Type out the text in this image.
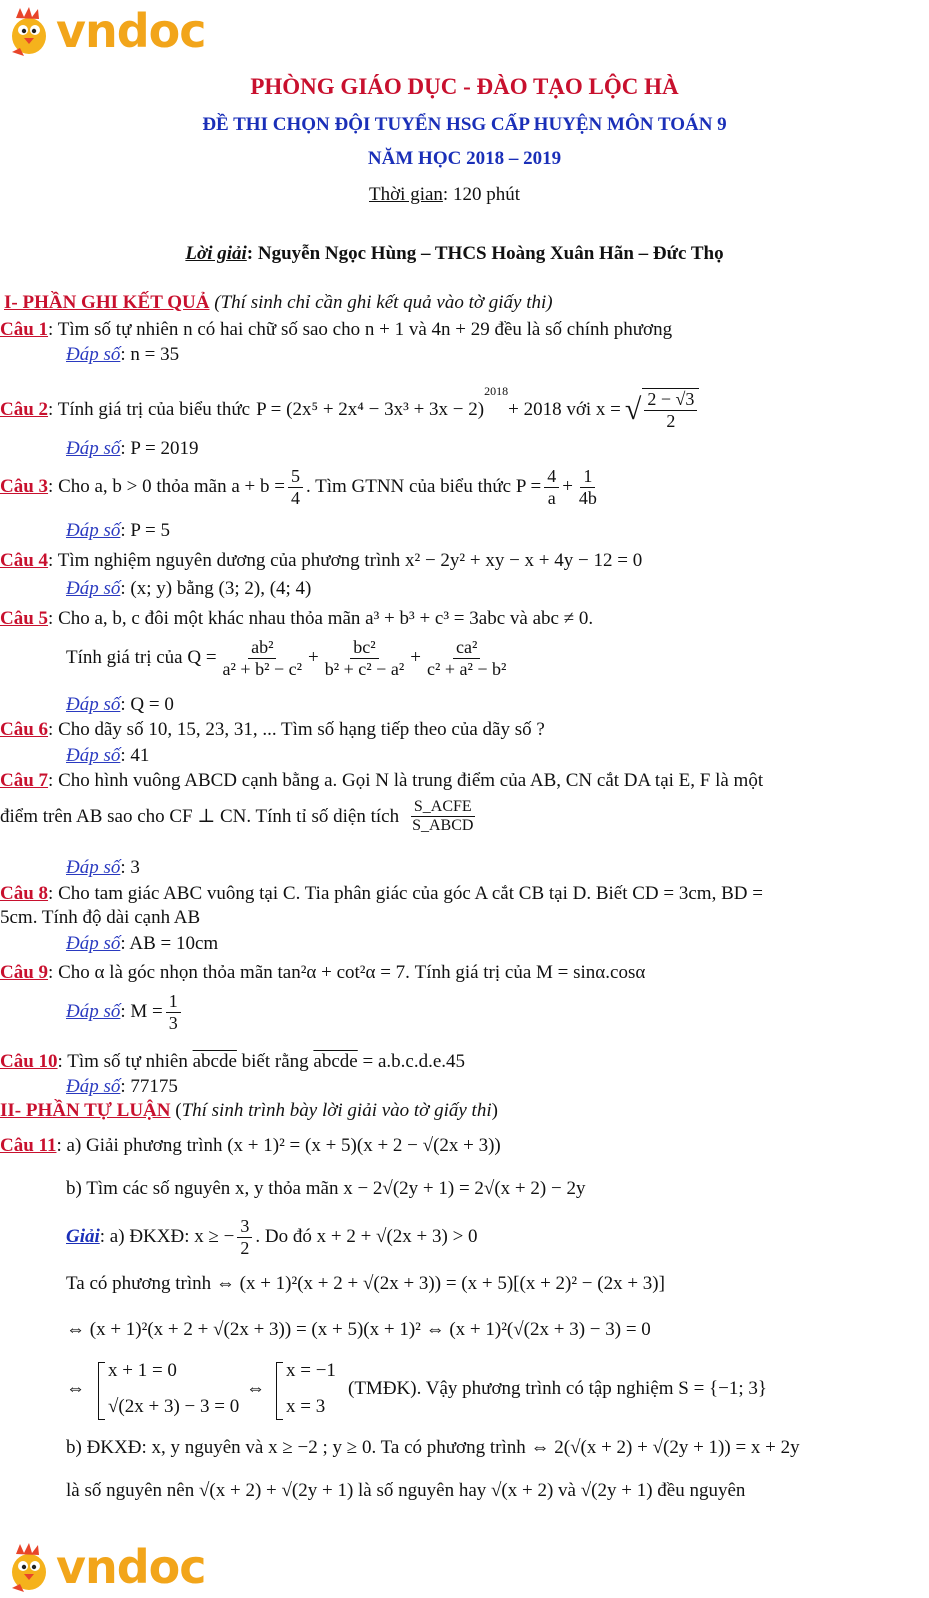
vndoc
PHÒNG GIÁO DỤC - ĐÀO TẠO LỘC HÀ
ĐỀ THI CHỌN ĐỘI TUYỂN HSG CẤP HUYỆN MÔN TOÁN 9
NĂM HỌC 2018 – 2019
Thời gian: 120 phút
Lời giải: Nguyễn Ngọc Hùng – THCS Hoàng Xuân Hãn – Đức Thọ
I- PHẦN GHI KẾT QUẢ (Thí sinh chỉ cần ghi kết quả vào tờ giấy thi)
Câu 1: Tìm số tự nhiên n có hai chữ số sao cho n + 1 và 4n + 29 đều là số chính phương
Đáp số: n = 35
Câu 2 : Tính giá trị của biểu thức P = (2x⁵ + 2x⁴ − 3x³ + 3x − 2)
$^{2018}$
+ 2018 với x = √ $\frac{2 - √3}{2}$
Đáp số: P = 2019
Câu 3 : Cho a, b > 0 thỏa mãn $a + b = \frac{5}{4}$ . Tìm GTNN của biểu thức $P = \frac{4}{a} + \frac{1}{4b}$
Đáp số: P = 5
Câu 4: Tìm nghiệm nguyên dương của phương trình x² − 2y² + xy − x + 4y − 12 = 0
Đáp số: (x; y) bằng (3; 2), (4; 4)
Câu 5: Cho a, b, c đôi một khác nhau thỏa mãn a³ + b³ + c³ = 3abc và abc ≠ 0.
Tính giá trị của $Q = \frac{\text{ab²}}{\text{a² + b² − c²}} + \frac{\text{bc²}}{\text{b² + c² − a²}} + \frac{\text{ca²}}{\text{c² + a² − b²}}$
Đáp số: Q = 0
Câu 6: Cho dãy số 10, 15, 23, 31, ... Tìm số hạng tiếp theo của dãy số ?
Đáp số: 41
Câu 7: Cho hình vuông ABCD cạnh bằng a. Gọi N là trung điểm của AB, CN cắt DA tại E, F là một
điểm trên AB sao cho CF ⊥ CN. Tính tỉ số diện tích $\frac{\text{S\_ACFE}}{\text{S\_ABCD}}$
Đáp số: 3
Câu 8: Cho tam giác ABC vuông tại C. Tia phân giác của góc A cắt CB tại D. Biết CD = 3cm, BD =
5cm. Tính độ dài cạnh AB
Đáp số: AB = 10cm
Câu 9: Cho α là góc nhọn thỏa mãn tan²α + cot²α = 7. Tính giá trị của M = sinα.cosα
Đáp số : $M = \frac{1}{3}$
Câu 10: Tìm số tự nhiên abcde biết rằng abcde = a.b.c.d.e.45
Đáp số: 77175
II- PHẦN TỰ LUẬN (Thí sinh trình bày lời giải vào tờ giấy thi)
Câu 11: a) Giải phương trình (x + 1)² = (x + 5)(x + 2 − √(2x + 3))
b) Tìm các số nguyên x, y thỏa mãn x − 2√(2y + 1) = 2√(x + 2) − 2y
Giải : a) ĐKXĐ: x ≥ − $\frac{3}{2}$ . Do đó x + 2 + √(2x + 3) > 0
Ta có phương trình ⇔ (x + 1)²(x + 2 + √(2x + 3)) = (x + 5)[(x + 2)² − (2x + 3)]
⇔ (x + 1)²(x + 2 + √(2x + 3)) = (x + 5)(x + 1)² ⇔ (x + 1)²(√(2x + 3) − 3) = 0
⇔
x + 1 = 0
√(2x + 3) − 3 = 0
⇔
x = −1
x = 3
(TMĐK). Vậy phương trình có tập nghiệm S = {−1; 3}
b) ĐKXĐ: x, y nguyên và x ≥ −2 ; y ≥ 0. Ta có phương trình ⇔ 2(√(x + 2) + √(2y + 1)) = x + 2y
là số nguyên nên √(x + 2) + √(2y + 1) là số nguyên hay √(x + 2) và √(2y + 1) đều nguyên
vndoc
